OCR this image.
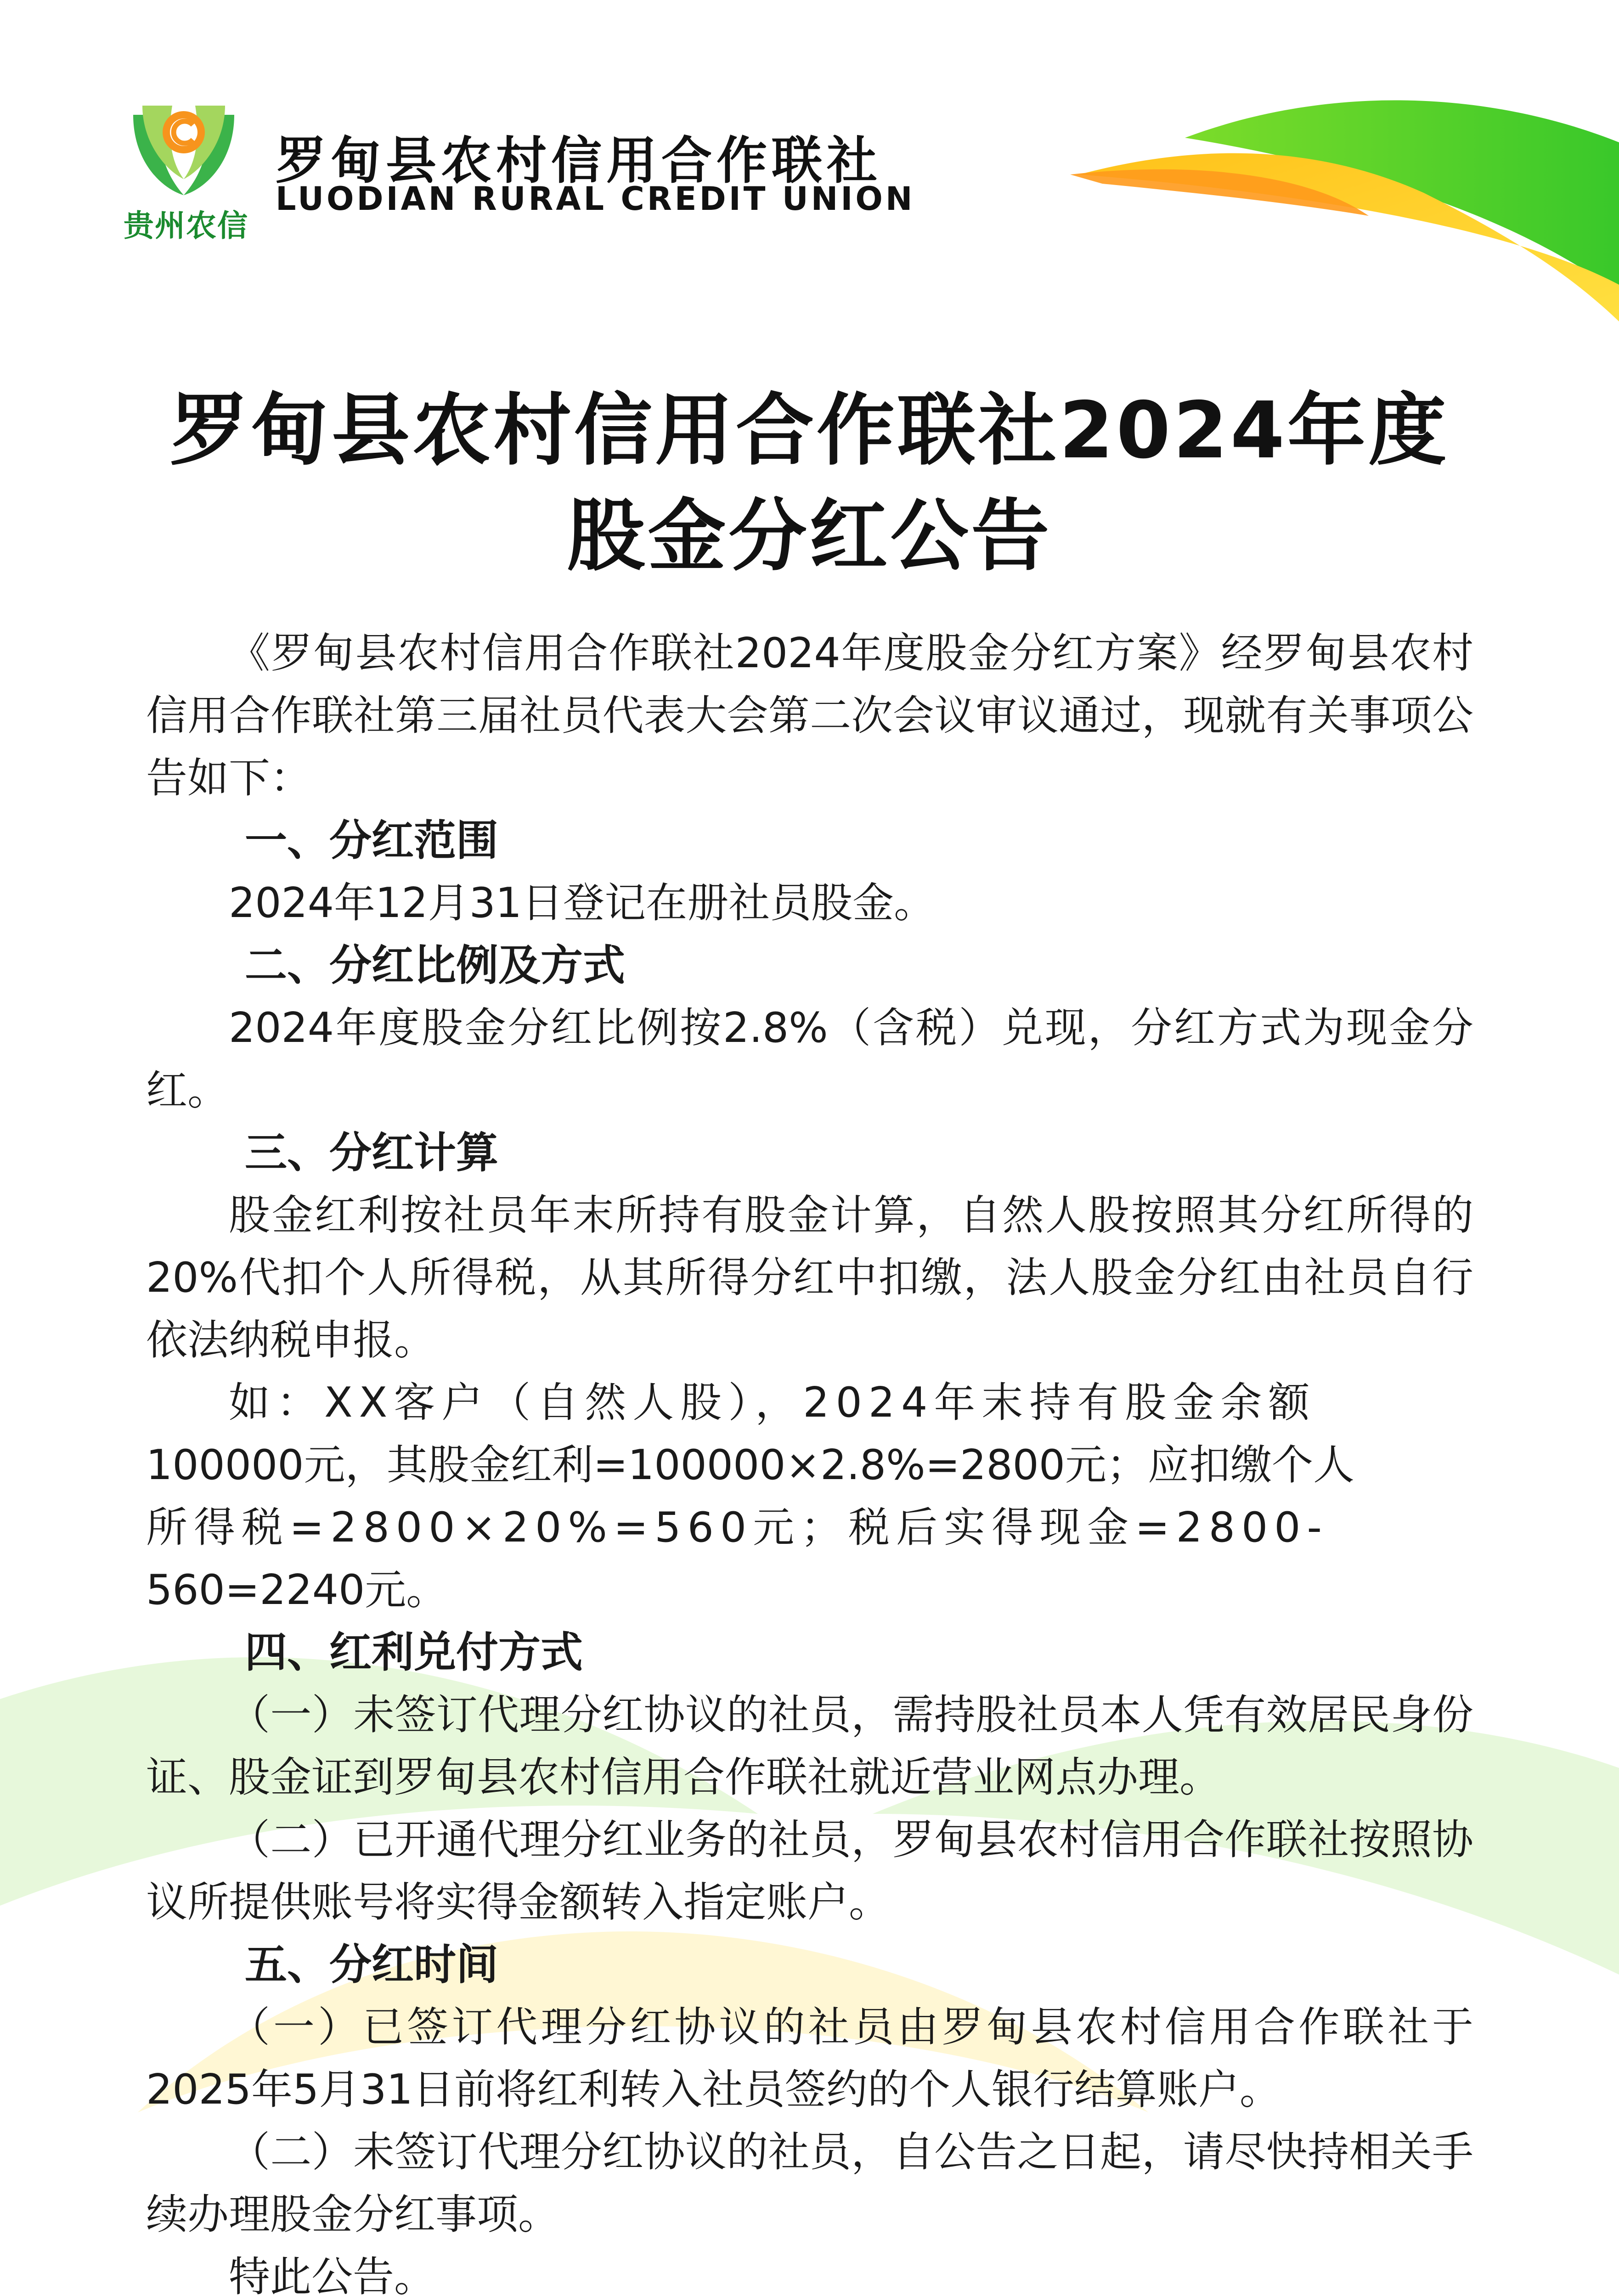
贵州农信
罗甸县农村信用合作联社
LUODIAN RURAL CREDIT UNION
罗甸县农村信用合作联社2024年度
股金分红公告

《罗甸县农村信用合作联社2024年度股金分红方案》经罗甸县农村信用合作联社第三届社员代表大会第二次会议审议通过，现就有关事项公告如下：

一、分红范围

2024年12月31日登记在册社员股金。

二、分红比例及方式

2024年度股金分红比例按2.8%（含税）兑现，分红方式为现金分红。

三、分红计算

股金红利按社员年末所持有股金计算，自然人股按照其分红所得的20%代扣个人所得税，从其所得分红中扣缴，法人股金分红由社员自行依法纳税申报。

如：XX客户（自然人股），2024年末持有股金余额

100000元，其股金红利=100000×2.8%=2800元；应扣缴个人

所得税=2800×20%=560元；税后实得现金=2800-

560=2240元。

四、红利兑付方式

（一）未签订代理分红协议的社员，需持股社员本人凭有效居民身份证、股金证到罗甸县农村信用合作联社就近营业网点办理。

（二）已开通代理分红业务的社员，罗甸县农村信用合作联社按照协议所提供账号将实得金额转入指定账户。

五、分红时间

（一）已签订代理分红协议的社员由罗甸县农村信用合作联社于2025年5月31日前将红利转入社员签约的个人银行结算账户。

（二）未签订代理分红协议的社员，自公告之日起，请尽快持相关手续办理股金分红事项。

特此公告。
